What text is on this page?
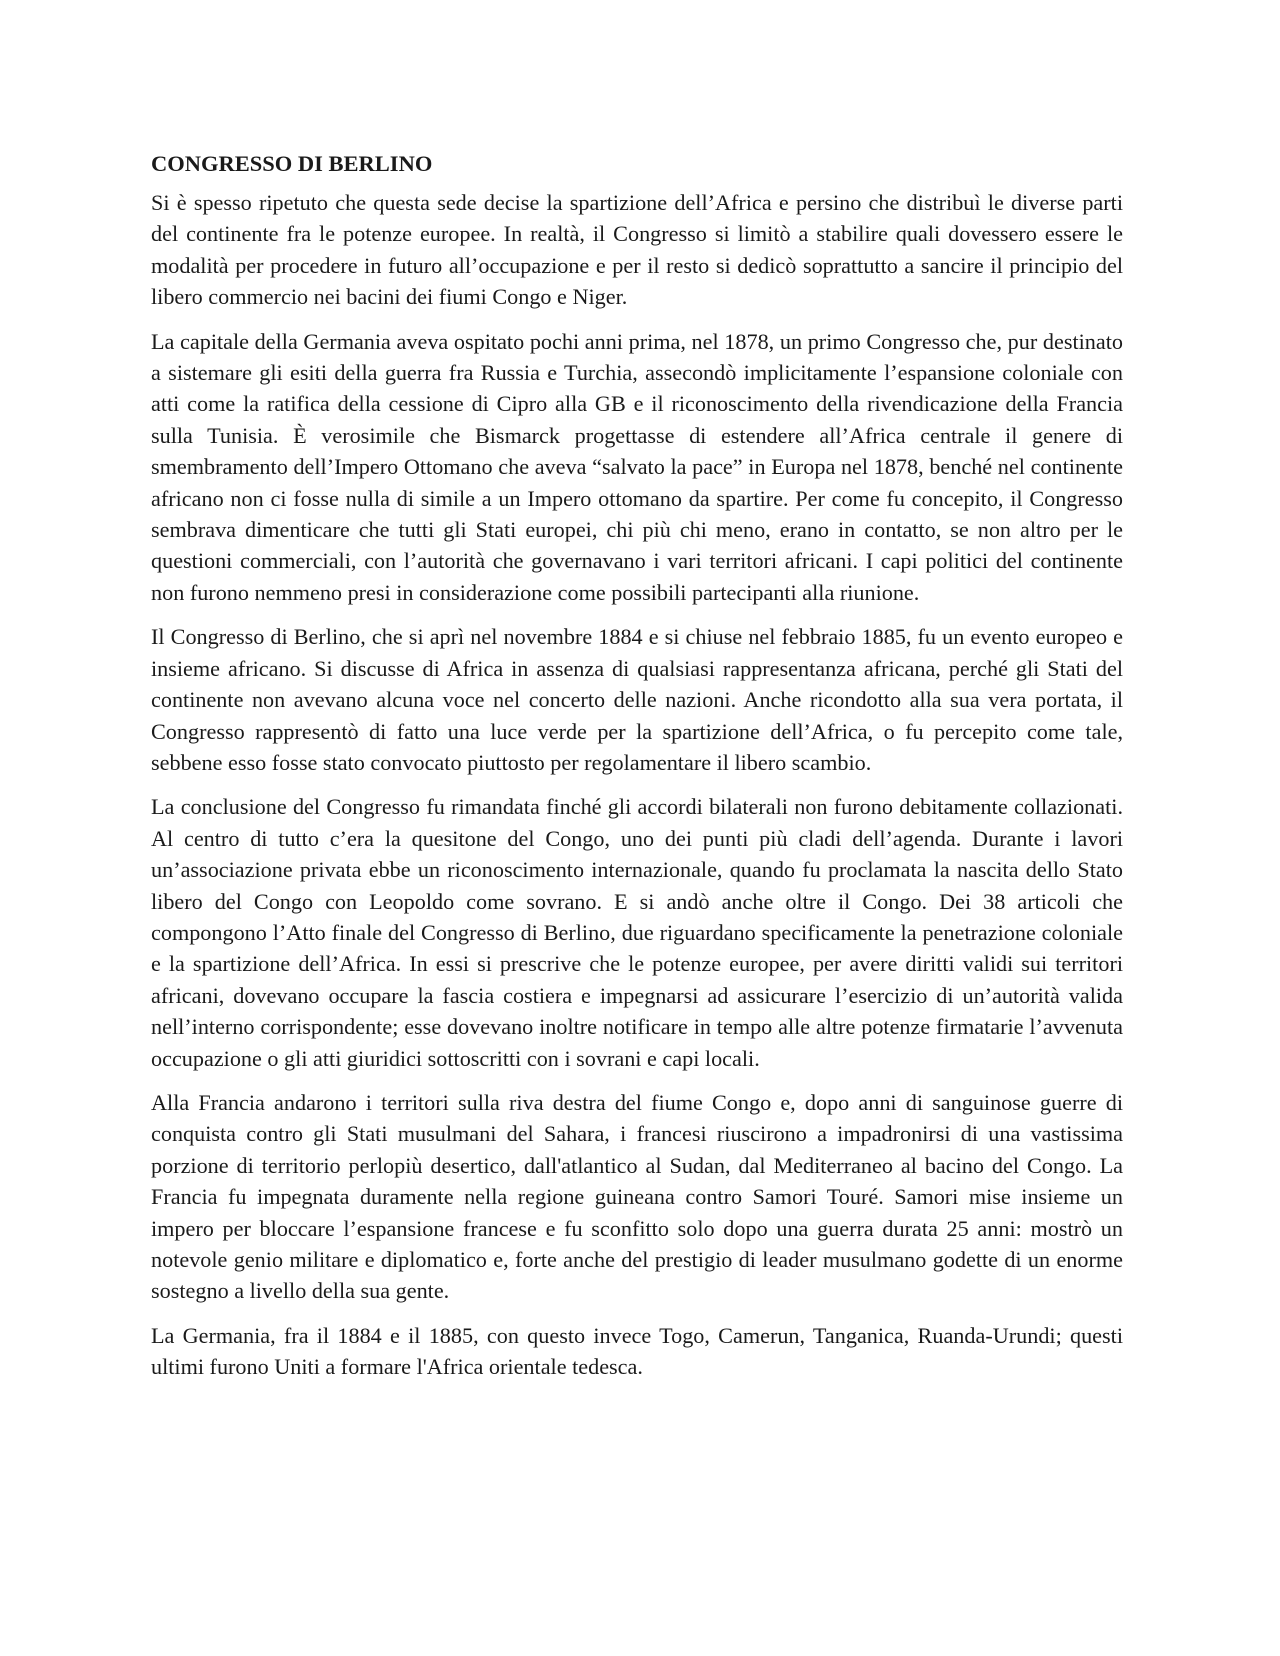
CONGRESSO DI BERLINO

Si è spesso ripetuto che questa sede decise la spartizione dell’Africa e persino che distribuì le diverse parti del continente fra le potenze europee. In realtà, il Congresso si limitò a stabilire quali dovessero essere le modalità per procedere in futuro all’occupazione e per il resto si dedicò soprattutto a sancire il principio del libero commercio nei bacini dei fiumi Congo e Niger.

La capitale della Germania aveva ospitato pochi anni prima, nel 1878, un primo Congresso che, pur destinato a sistemare gli esiti della guerra fra Russia e Turchia, assecondò implicitamente l’espansione coloniale con atti come la ratifica della cessione di Cipro alla GB e il riconoscimento della rivendicazione della Francia sulla Tunisia. È verosimile che Bismarck progettasse di estendere all’Africa centrale il genere di smembramento dell’Impero Ottomano che aveva “salvato la pace” in Europa nel 1878, benché nel continente africano non ci fosse nulla di simile a un Impero ottomano da spartire. Per come fu concepito, il Congresso sembrava dimenticare che tutti gli Stati europei, chi più chi meno, erano in contatto, se non altro per le questioni commerciali, con l’autorità che governavano i vari territori africani. I capi politici del continente non furono nemmeno presi in considerazione come possibili partecipanti alla riunione.

Il Congresso di Berlino, che si aprì nel novembre 1884 e si chiuse nel febbraio 1885, fu un evento europeo e insieme africano. Si discusse di Africa in assenza di qualsiasi rappresentanza africana, perché gli Stati del continente non avevano alcuna voce nel concerto delle nazioni. Anche ricondotto alla sua vera portata, il Congresso rappresentò di fatto una luce verde per la spartizione dell’Africa, o fu percepito come tale, sebbene esso fosse stato convocato piuttosto per regolamentare il libero scambio.

La conclusione del Congresso fu rimandata finché gli accordi bilaterali non furono debitamente collazionati. Al centro di tutto c’era la quesitone del Congo, uno dei punti più cladi dell’agenda. Durante i lavori un’associazione privata ebbe un riconoscimento internazionale, quando fu proclamata la nascita dello Stato libero del Congo con Leopoldo come sovrano. E si andò anche oltre il Congo. Dei 38 articoli che compongono l’Atto finale del Congresso di Berlino, due riguardano specificamente la penetrazione coloniale e la spartizione dell’Africa. In essi si prescrive che le potenze europee, per avere diritti validi sui territori africani, dovevano occupare la fascia costiera e impegnarsi ad assicurare l’esercizio di un’autorità valida nell’interno corrispondente; esse dovevano inoltre notificare in tempo alle altre potenze firmatarie l’avvenuta occupazione o gli atti giuridici sottoscritti con i sovrani e capi locali.

Alla Francia andarono i territori sulla riva destra del fiume Congo e, dopo anni di sanguinose guerre di conquista contro gli Stati musulmani del Sahara, i francesi riuscirono a impadronirsi di una vastissima porzione di territorio perlopiù desertico, dall'atlantico al Sudan, dal Mediterraneo al bacino del Congo. La Francia fu impegnata duramente nella regione guineana contro Samori Touré. Samori mise insieme un impero per bloccare l’espansione francese e fu sconfitto solo dopo una guerra durata 25 anni: mostrò un notevole genio militare e diplomatico e, forte anche del prestigio di leader musulmano godette di un enorme sostegno a livello della sua gente.

La Germania, fra il 1884 e il 1885, con questo invece Togo, Camerun, Tanganica, Ruanda-Urundi; questi ultimi furono Uniti a formare l'Africa orientale tedesca.
